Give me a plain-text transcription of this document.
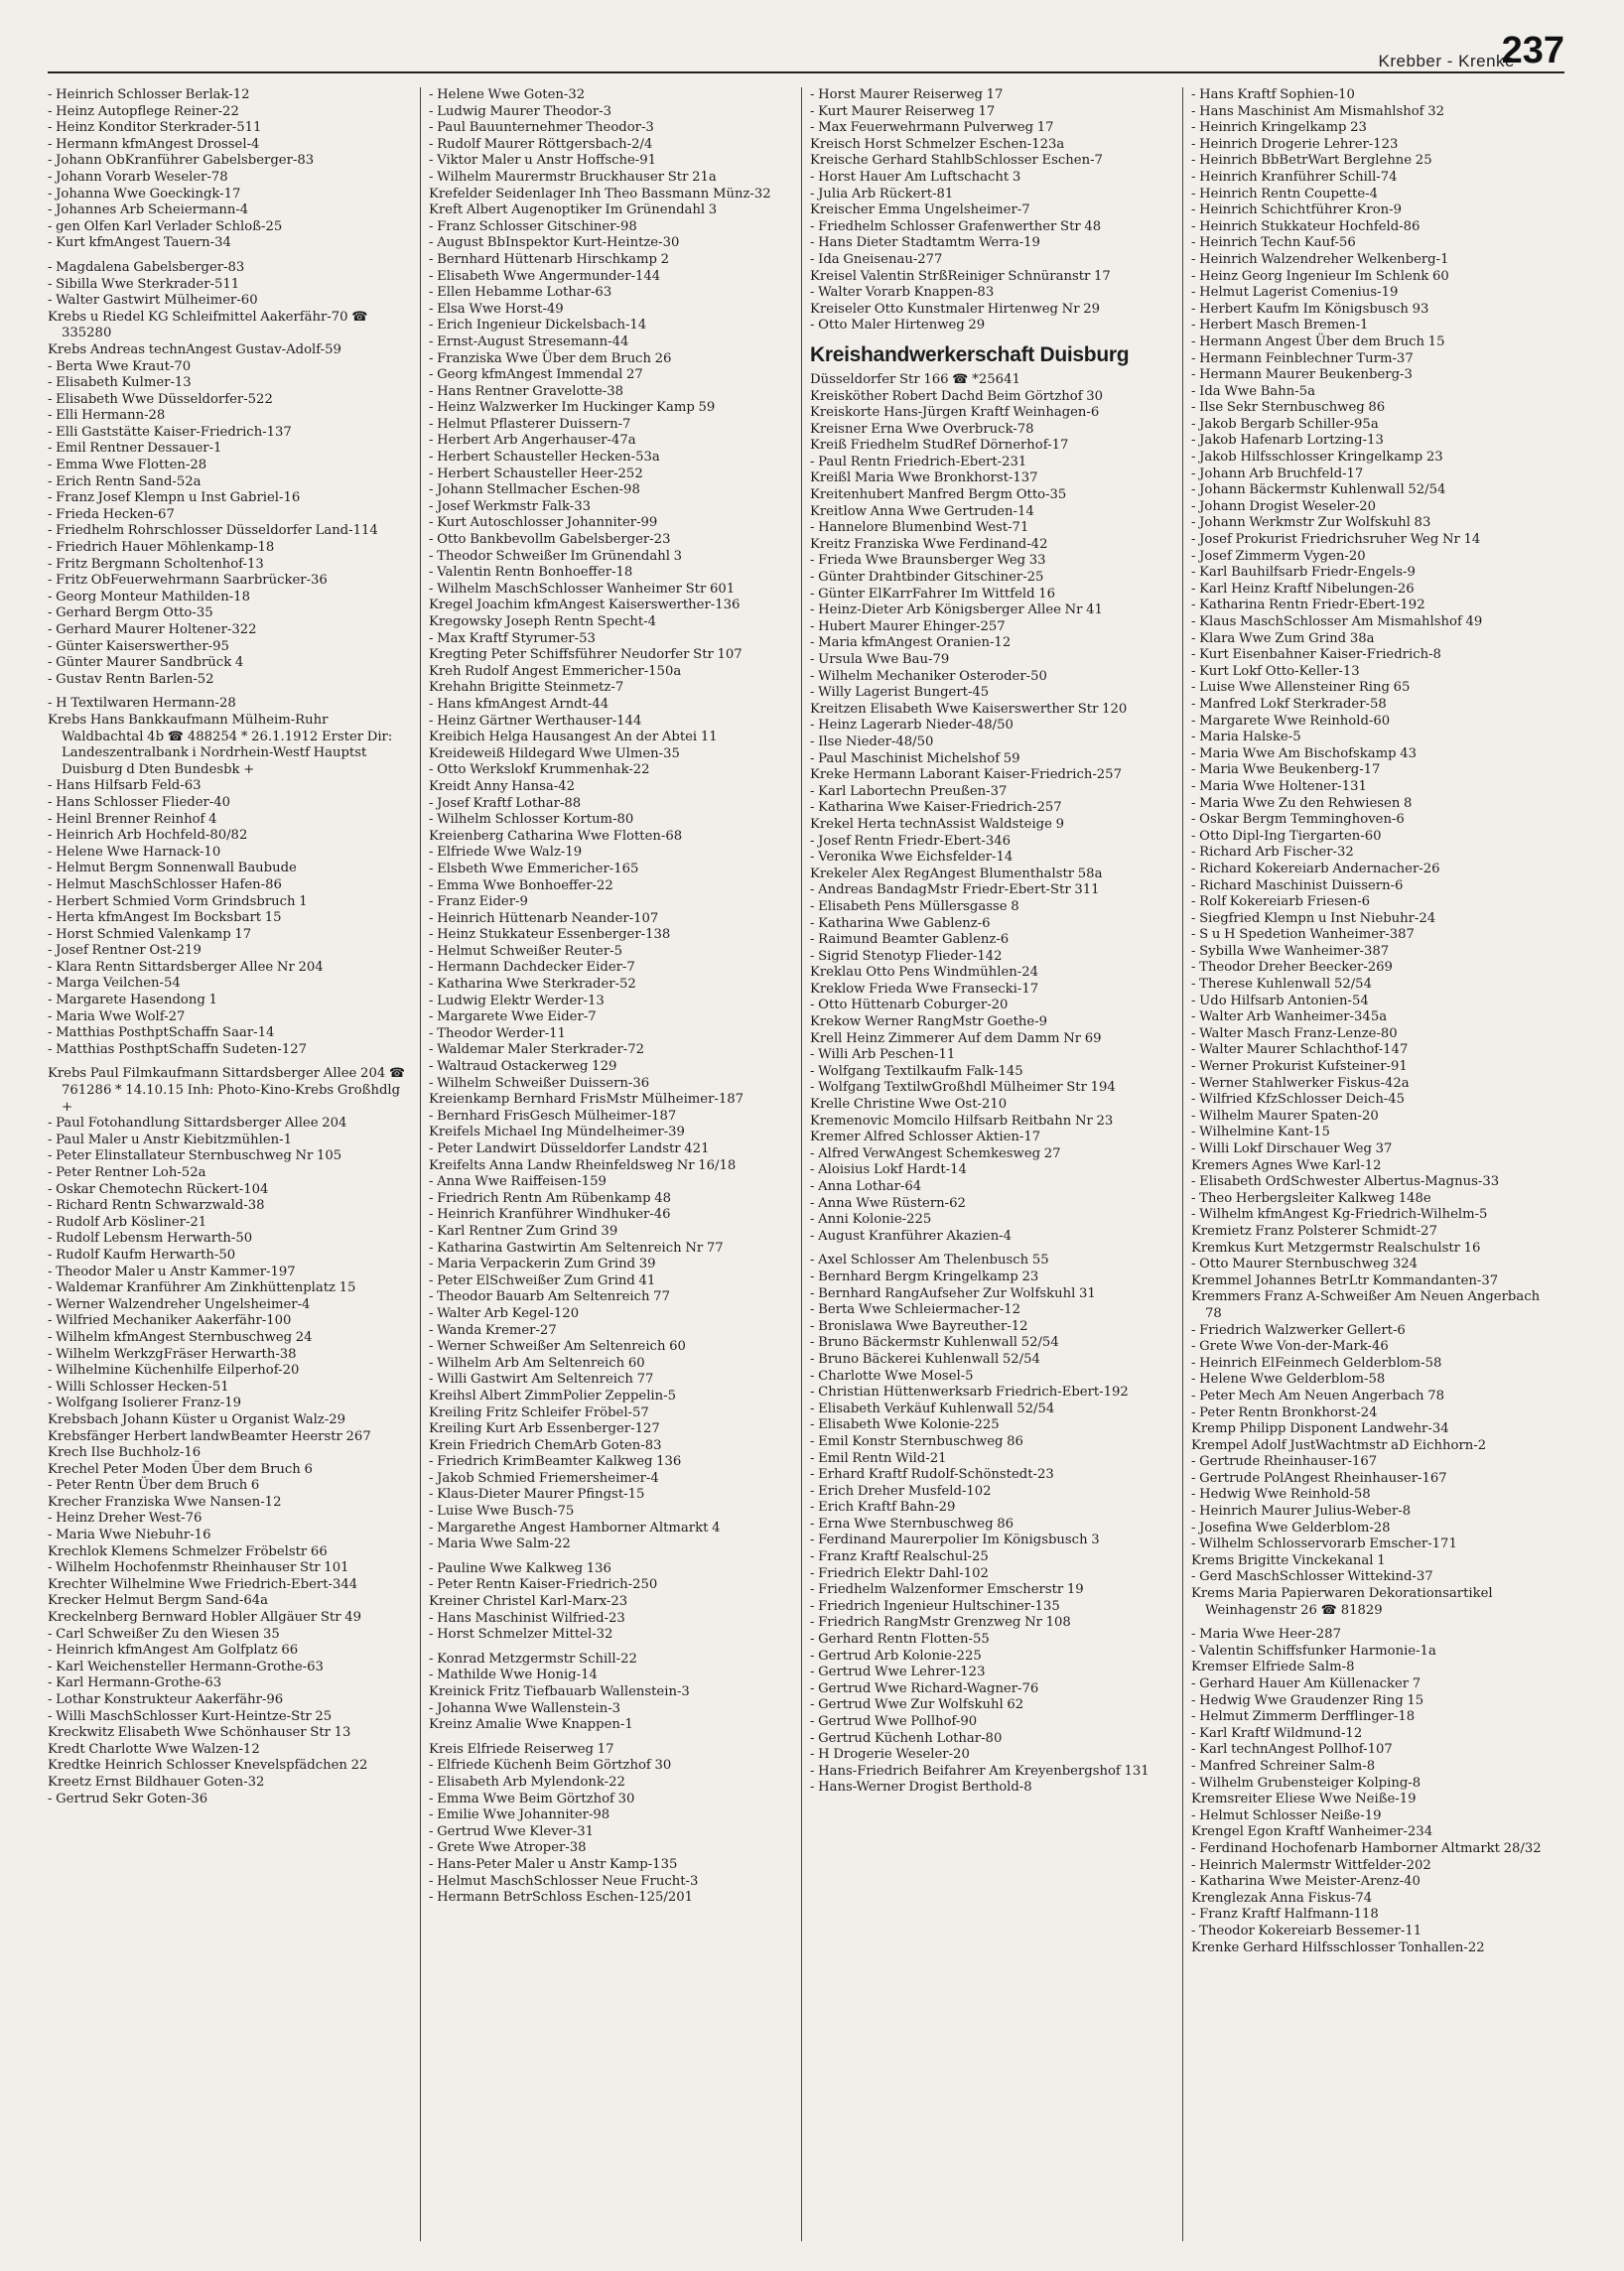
Krebber - Krenke
237
- Heinrich Schlosser Berlak-12
- Heinz Autopflege Reiner-22
- Heinz Konditor Sterkrader-511
- Hermann kfmAngest Drossel-4
- Johann ObKranführer Gabelsberger-83
- Johann Vorarb Weseler-78
- Johanna Wwe Goeckingk-17
- Johannes Arb Scheiermann-4
- gen Olfen Karl Verlader Schloß-25
- Kurt kfmAngest Tauern-34
- Magdalena Gabelsberger-83
- Sibilla Wwe Sterkrader-511
- Walter Gastwirt Mülheimer-60
Krebs u Riedel KG Schleifmittel Aakerfähr-70 ☎ 335280
Krebs Andreas technAngest Gustav-Adolf-59
- Berta Wwe Kraut-70
- Elisabeth Kulmer-13
- Elisabeth Wwe Düsseldorfer-522
- Elli Hermann-28
- Elli Gaststätte Kaiser-Friedrich-137
- Emil Rentner Dessauer-1
- Emma Wwe Flotten-28
- Erich Rentn Sand-52a
- Franz Josef Klempn u Inst Gabriel-16
- Frieda Hecken-67
- Friedhelm Rohrschlosser Düsseldorfer Land-114
- Friedrich Hauer Möhlenkamp-18
- Fritz Bergmann Scholtenhof-13
- Fritz ObFeuerwehrmann Saarbrücker-36
- Georg Monteur Mathilden-18
- Gerhard Bergm Otto-35
- Gerhard Maurer Holtener-322
- Günter Kaiserswerther-95
- Günter Maurer Sandbrück 4
- Gustav Rentn Barlen-52
- H Textilwaren Hermann-28
Krebs Hans Bankkaufmann Mülheim-Ruhr Waldbachtal 4b ☎ 488254 * 26.1.1912 Erster Dir: Landeszentralbank i Nordrhein-Westf Hauptst Duisburg d Dten Bundesbk +
- Hans Hilfsarb Feld-63
- Hans Schlosser Flieder-40
- Heinl Brenner Reinhof 4
- Heinrich Arb Hochfeld-80/82
- Helene Wwe Harnack-10
- Helmut Bergm Sonnenwall Baubude
- Helmut MaschSchlosser Hafen-86
- Herbert Schmied Vorm Grindsbruch 1
- Herta kfmAngest Im Bocksbart 15
- Horst Schmied Valenkamp 17
- Josef Rentner Ost-219
- Klara Rentn Sittardsberger Allee Nr 204
- Marga Veilchen-54
- Margarete Hasendong 1
- Maria Wwe Wolf-27
- Matthias PosthptSchaffn Saar-14
- Matthias PosthptSchaffn Sudeten-127
Krebs Paul Filmkaufmann Sittardsberger Allee 204 ☎ 761286 * 14.10.15 Inh: Photo-Kino-Krebs Großhdlg +
- Paul Fotohandlung Sittardsberger Allee 204
- Paul Maler u Anstr Kiebitzmühlen-1
- Peter Elinstallateur Sternbuschweg Nr 105
- Peter Rentner Loh-52a
- Oskar Chemotechn Rückert-104
- Richard Rentn Schwarzwald-38
- Rudolf Arb Kösliner-21
- Rudolf Lebensm Herwarth-50
- Rudolf Kaufm Herwarth-50
- Theodor Maler u Anstr Kammer-197
- Waldemar Kranführer Am Zinkhüttenplatz 15
- Werner Walzendreher Ungelsheimer-4
- Wilfried Mechaniker Aakerfähr-100
- Wilhelm kfmAngest Sternbuschweg 24
- Wilhelm WerkzgFräser Herwarth-38
- Wilhelmine Küchenhilfe Eilperhof-20
- Willi Schlosser Hecken-51
- Wolfgang Isolierer Franz-19
Krebsbach Johann Küster u Organist Walz-29
Krebsfänger Herbert landwBeamter Heerstr 267
Krech Ilse Buchholz-16
Krechel Peter Moden Über dem Bruch 6
- Peter Rentn Über dem Bruch 6
Krecher Franziska Wwe Nansen-12
- Heinz Dreher West-76
- Maria Wwe Niebuhr-16
Krechlok Klemens Schmelzer Fröbelstr 66
- Wilhelm Hochofenmstr Rheinhauser Str 101
Krechter Wilhelmine Wwe Friedrich-Ebert-344
Krecker Helmut Bergm Sand-64a
Kreckelnberg Bernward Hobler Allgäuer Str 49
- Carl Schweißer Zu den Wiesen 35
- Heinrich kfmAngest Am Golfplatz 66
- Karl Weichensteller Hermann-Grothe-63
- Karl Hermann-Grothe-63
- Lothar Konstrukteur Aakerfähr-96
- Willi MaschSchlosser Kurt-Heintze-Str 25
Kreckwitz Elisabeth Wwe Schönhauser Str 13
Kredt Charlotte Wwe Walzen-12
Kredtke Heinrich Schlosser Knevelspfädchen 22
Kreetz Ernst Bildhauer Goten-32
- Gertrud Sekr Goten-36
- Helene Wwe Goten-32
- Ludwig Maurer Theodor-3
- Paul Bauunternehmer Theodor-3
- Rudolf Maurer Röttgersbach-2/4
- Viktor Maler u Anstr Hoffsche-91
- Wilhelm Maurermstr Bruckhauser Str 21a
Krefelder Seidenlager Inh Theo Bassmann Münz-32
Kreft Albert Augenoptiker Im Grünendahl 3
- Franz Schlosser Gitschiner-98
- August BbInspektor Kurt-Heintze-30
- Bernhard Hüttenarb Hirschkamp 2
- Elisabeth Wwe Angermunder-144
- Ellen Hebamme Lothar-63
- Elsa Wwe Horst-49
- Erich Ingenieur Dickelsbach-14
- Ernst-August Stresemann-44
- Franziska Wwe Über dem Bruch 26
- Georg kfmAngest Immendal 27
- Hans Rentner Gravelotte-38
- Heinz Walzwerker Im Huckinger Kamp 59
- Helmut Pflasterer Duissern-7
- Herbert Arb Angerhauser-47a
- Herbert Schausteller Hecken-53a
- Herbert Schausteller Heer-252
- Johann Stellmacher Eschen-98
- Josef Werkmstr Falk-33
- Kurt Autoschlosser Johanniter-99
- Otto Bankbevollm Gabelsberger-23
- Theodor Schweißer Im Grünendahl 3
- Valentin Rentn Bonhoeffer-18
- Wilhelm MaschSchlosser Wanheimer Str 601
Kregel Joachim kfmAngest Kaiserswerther-136
Kregowsky Joseph Rentn Specht-4
- Max Kraftf Styrumer-53
Kregting Peter Schiffsführer Neudorfer Str 107
Kreh Rudolf Angest Emmericher-150a
Krehahn Brigitte Steinmetz-7
- Hans kfmAngest Arndt-44
- Heinz Gärtner Werthauser-144
Kreibich Helga Hausangest An der Abtei 11
Kreideweiß Hildegard Wwe Ulmen-35
- Otto Werkslokf Krummenhak-22
Kreidt Anny Hansa-42
- Josef Kraftf Lothar-88
- Wilhelm Schlosser Kortum-80
Kreienberg Catharina Wwe Flotten-68
- Elfriede Wwe Walz-19
- Elsbeth Wwe Emmericher-165
- Emma Wwe Bonhoeffer-22
- Franz Eider-9
- Heinrich Hüttenarb Neander-107
- Heinz Stukkateur Essenberger-138
- Helmut Schweißer Reuter-5
- Hermann Dachdecker Eider-7
- Katharina Wwe Sterkrader-52
- Ludwig Elektr Werder-13
- Margarete Wwe Eider-7
- Theodor Werder-11
- Waldemar Maler Sterkrader-72
- Waltraud Ostackerweg 129
- Wilhelm Schweißer Duissern-36
Kreienkamp Bernhard FrisMstr Mülheimer-187
- Bernhard FrisGesch Mülheimer-187
Kreifels Michael Ing Mündelheimer-39
- Peter Landwirt Düsseldorfer Landstr 421
Kreifelts Anna Landw Rheinfeldsweg Nr 16/18
- Anna Wwe Raiffeisen-159
- Friedrich Rentn Am Rübenkamp 48
- Heinrich Kranführer Windhuker-46
- Karl Rentner Zum Grind 39
- Katharina Gastwirtin Am Seltenreich Nr 77
- Maria Verpackerin Zum Grind 39
- Peter ElSchweißer Zum Grind 41
- Theodor Bauarb Am Seltenreich 77
- Walter Arb Kegel-120
- Wanda Kremer-27
- Werner Schweißer Am Seltenreich 60
- Wilhelm Arb Am Seltenreich 60
- Willi Gastwirt Am Seltenreich 77
Kreihsl Albert ZimmPolier Zeppelin-5
Kreiling Fritz Schleifer Fröbel-57
Kreiling Kurt Arb Essenberger-127
Krein Friedrich ChemArb Goten-83
- Friedrich KrimBeamter Kalkweg 136
- Jakob Schmied Friemersheimer-4
- Klaus-Dieter Maurer Pfingst-15
- Luise Wwe Busch-75
- Margarethe Angest Hamborner Altmarkt 4
- Maria Wwe Salm-22
- Pauline Wwe Kalkweg 136
- Peter Rentn Kaiser-Friedrich-250
Kreiner Christel Karl-Marx-23
- Hans Maschinist Wilfried-23
- Horst Schmelzer Mittel-32
- Konrad Metzgermstr Schill-22
- Mathilde Wwe Honig-14
Kreinick Fritz Tiefbauarb Wallenstein-3
- Johanna Wwe Wallenstein-3
Kreinz Amalie Wwe Knappen-1
Kreis Elfriede Reiserweg 17
- Elfriede Küchenh Beim Görtzhof 30
- Elisabeth Arb Mylendonk-22
- Emma Wwe Beim Görtzhof 30
- Emilie Wwe Johanniter-98
- Gertrud Wwe Klever-31
- Grete Wwe Atroper-38
- Hans-Peter Maler u Anstr Kamp-135
- Helmut MaschSchlosser Neue Frucht-3
- Hermann BetrSchloss Eschen-125/201
- Horst Maurer Reiserweg 17
- Kurt Maurer Reiserweg 17
- Max Feuerwehrmann Pulverweg 17
Kreisch Horst Schmelzer Eschen-123a
Kreische Gerhard StahlbSchlosser Eschen-7
- Horst Hauer Am Luftschacht 3
- Julia Arb Rückert-81
Kreischer Emma Ungelsheimer-7
- Friedhelm Schlosser Grafenwerther Str 48
- Hans Dieter Stadtamtm Werra-19
- Ida Gneisenau-277
Kreisel Valentin StrßReiniger Schnüranstr 17
- Walter Vorarb Knappen-83
Kreiseler Otto Kunstmaler Hirtenweg Nr 29
- Otto Maler Hirtenweg 29
Kreishandwerkerschaft Duisburg
Düsseldorfer Str 166 ☎ *25641
Kreisköther Robert Dachd Beim Görtzhof 30
Kreiskorte Hans-Jürgen Kraftf Weinhagen-6
Kreisner Erna Wwe Overbruck-78
Kreiß Friedhelm StudRef Dörnerhof-17
- Paul Rentn Friedrich-Ebert-231
Kreißl Maria Wwe Bronkhorst-137
Kreitenhubert Manfred Bergm Otto-35
Kreitlow Anna Wwe Gertruden-14
- Hannelore Blumenbind West-71
Kreitz Franziska Wwe Ferdinand-42
- Frieda Wwe Braunsberger Weg 33
- Günter Drahtbinder Gitschiner-25
- Günter ElKarrFahrer Im Wittfeld 16
- Heinz-Dieter Arb Königsberger Allee Nr 41
- Hubert Maurer Ehinger-257
- Maria kfmAngest Oranien-12
- Ursula Wwe Bau-79
- Wilhelm Mechaniker Osteroder-50
- Willy Lagerist Bungert-45
Kreitzen Elisabeth Wwe Kaiserswerther Str 120
- Heinz Lagerarb Nieder-48/50
- Ilse Nieder-48/50
- Paul Maschinist Michelshof 59
Kreke Hermann Laborant Kaiser-Friedrich-257
- Karl Labortechn Preußen-37
- Katharina Wwe Kaiser-Friedrich-257
Krekel Herta technAssist Waldsteige 9
- Josef Rentn Friedr-Ebert-346
- Veronika Wwe Eichsfelder-14
Krekeler Alex RegAngest Blumenthalstr 58a
- Andreas BandagMstr Friedr-Ebert-Str 311
- Elisabeth Pens Müllersgasse 8
- Katharina Wwe Gablenz-6
- Raimund Beamter Gablenz-6
- Sigrid Stenotyp Flieder-142
Kreklau Otto Pens Windmühlen-24
Kreklow Frieda Wwe Fransecki-17
- Otto Hüttenarb Coburger-20
Krekow Werner RangMstr Goethe-9
Krell Heinz Zimmerer Auf dem Damm Nr 69
- Willi Arb Peschen-11
- Wolfgang Textilkaufm Falk-145
- Wolfgang TextilwGroßhdl Mülheimer Str 194
Krelle Christine Wwe Ost-210
Kremenovic Momcilo Hilfsarb Reitbahn Nr 23
Kremer Alfred Schlosser Aktien-17
- Alfred VerwAngest Schemkesweg 27
- Aloisius Lokf Hardt-14
- Anna Lothar-64
- Anna Wwe Rüstern-62
- Anni Kolonie-225
- August Kranführer Akazien-4
- Axel Schlosser Am Thelenbusch 55
- Bernhard Bergm Kringelkamp 23
- Bernhard RangAufseher Zur Wolfskuhl 31
- Berta Wwe Schleiermacher-12
- Bronislawa Wwe Bayreuther-12
- Bruno Bäckermstr Kuhlenwall 52/54
- Bruno Bäckerei Kuhlenwall 52/54
- Charlotte Wwe Mosel-5
- Christian Hüttenwerksarb Friedrich-Ebert-192
- Elisabeth Verkäuf Kuhlenwall 52/54
- Elisabeth Wwe Kolonie-225
- Emil Konstr Sternbuschweg 86
- Emil Rentn Wild-21
- Erhard Kraftf Rudolf-Schönstedt-23
- Erich Dreher Musfeld-102
- Erich Kraftf Bahn-29
- Erna Wwe Sternbuschweg 86
- Ferdinand Maurerpolier Im Königsbusch 3
- Franz Kraftf Realschul-25
- Friedrich Elektr Dahl-102
- Friedhelm Walzenformer Emscherstr 19
- Friedrich Ingenieur Hultschiner-135
- Friedrich RangMstr Grenzweg Nr 108
- Gerhard Rentn Flotten-55
- Gertrud Arb Kolonie-225
- Gertrud Wwe Lehrer-123
- Gertrud Wwe Richard-Wagner-76
- Gertrud Wwe Zur Wolfskuhl 62
- Gertrud Wwe Pollhof-90
- Gertrud Küchenh Lothar-80
- H Drogerie Weseler-20
- Hans-Friedrich Beifahrer Am Kreyenbergshof 131
- Hans-Werner Drogist Berthold-8
- Hans Kraftf Sophien-10
- Hans Maschinist Am Mismahlshof 32
- Heinrich Kringelkamp 23
- Heinrich Drogerie Lehrer-123
- Heinrich BbBetrWart Berglehne 25
- Heinrich Kranführer Schill-74
- Heinrich Rentn Coupette-4
- Heinrich Schichtführer Kron-9
- Heinrich Stukkateur Hochfeld-86
- Heinrich Techn Kauf-56
- Heinrich Walzendreher Welkenberg-1
- Heinz Georg Ingenieur Im Schlenk 60
- Helmut Lagerist Comenius-19
- Herbert Kaufm Im Königsbusch 93
- Herbert Masch Bremen-1
- Hermann Angest Über dem Bruch 15
- Hermann Feinblechner Turm-37
- Hermann Maurer Beukenberg-3
- Ida Wwe Bahn-5a
- Ilse Sekr Sternbuschweg 86
- Jakob Bergarb Schiller-95a
- Jakob Hafenarb Lortzing-13
- Jakob Hilfsschlosser Kringelkamp 23
- Johann Arb Bruchfeld-17
- Johann Bäckermstr Kuhlenwall 52/54
- Johann Drogist Weseler-20
- Johann Werkmstr Zur Wolfskuhl 83
- Josef Prokurist Friedrichsruher Weg Nr 14
- Josef Zimmerm Vygen-20
- Karl Bauhilfsarb Friedr-Engels-9
- Karl Heinz Kraftf Nibelungen-26
- Katharina Rentn Friedr-Ebert-192
- Klaus MaschSchlosser Am Mismahlshof 49
- Klara Wwe Zum Grind 38a
- Kurt Eisenbahner Kaiser-Friedrich-8
- Kurt Lokf Otto-Keller-13
- Luise Wwe Allensteiner Ring 65
- Manfred Lokf Sterkrader-58
- Margarete Wwe Reinhold-60
- Maria Halske-5
- Maria Wwe Am Bischofskamp 43
- Maria Wwe Beukenberg-17
- Maria Wwe Holtener-131
- Maria Wwe Zu den Rehwiesen 8
- Oskar Bergm Temminghoven-6
- Otto Dipl-Ing Tiergarten-60
- Richard Arb Fischer-32
- Richard Kokereiarb Andernacher-26
- Richard Maschinist Duissern-6
- Rolf Kokereiarb Friesen-6
- Siegfried Klempn u Inst Niebuhr-24
- S u H Spedetion Wanheimer-387
- Sybilla Wwe Wanheimer-387
- Theodor Dreher Beecker-269
- Therese Kuhlenwall 52/54
- Udo Hilfsarb Antonien-54
- Walter Arb Wanheimer-345a
- Walter Masch Franz-Lenze-80
- Walter Maurer Schlachthof-147
- Werner Prokurist Kufsteiner-91
- Werner Stahlwerker Fiskus-42a
- Wilfried KfzSchlosser Deich-45
- Wilhelm Maurer Spaten-20
- Wilhelmine Kant-15
- Willi Lokf Dirschauer Weg 37
Kremers Agnes Wwe Karl-12
- Elisabeth OrdSchwester Albertus-Magnus-33
- Theo Herbergsleiter Kalkweg 148e
- Wilhelm kfmAngest Kg-Friedrich-Wilhelm-5
Kremietz Franz Polsterer Schmidt-27
Kremkus Kurt Metzgermstr Realschulstr 16
- Otto Maurer Sternbuschweg 324
Kremmel Johannes BetrLtr Kommandanten-37
Kremmers Franz A-Schweißer Am Neuen Angerbach 78
- Friedrich Walzwerker Gellert-6
- Grete Wwe Von-der-Mark-46
- Heinrich ElFeinmech Gelderblom-58
- Helene Wwe Gelderblom-58
- Peter Mech Am Neuen Angerbach 78
- Peter Rentn Bronkhorst-24
Kremp Philipp Disponent Landwehr-34
Krempel Adolf JustWachtmstr aD Eichhorn-2
- Gertrude Rheinhauser-167
- Gertrude PolAngest Rheinhauser-167
- Hedwig Wwe Reinhold-58
- Heinrich Maurer Julius-Weber-8
- Josefina Wwe Gelderblom-28
- Wilhelm Schlosservorarb Emscher-171
Krems Brigitte Vinckekanal 1
- Gerd MaschSchlosser Wittekind-37
Krems Maria Papierwaren Dekorationsartikel Weinhagenstr 26 ☎ 81829
- Maria Wwe Heer-287
- Valentin Schiffsfunker Harmonie-1a
Kremser Elfriede Salm-8
- Gerhard Hauer Am Küllenacker 7
- Hedwig Wwe Graudenzer Ring 15
- Helmut Zimmerm Derfflinger-18
- Karl Kraftf Wildmund-12
- Karl technAngest Pollhof-107
- Manfred Schreiner Salm-8
- Wilhelm Grubensteiger Kolping-8
Kremsreiter Eliese Wwe Neiße-19
- Helmut Schlosser Neiße-19
Krengel Egon Kraftf Wanheimer-234
- Ferdinand Hochofenarb Hamborner Altmarkt 28/32
- Heinrich Malermstr Wittfelder-202
- Katharina Wwe Meister-Arenz-40
Krenglezak Anna Fiskus-74
- Franz Kraftf Halfmann-118
- Theodor Kokereiarb Bessemer-11
Krenke Gerhard Hilfsschlosser Tonhallen-22
